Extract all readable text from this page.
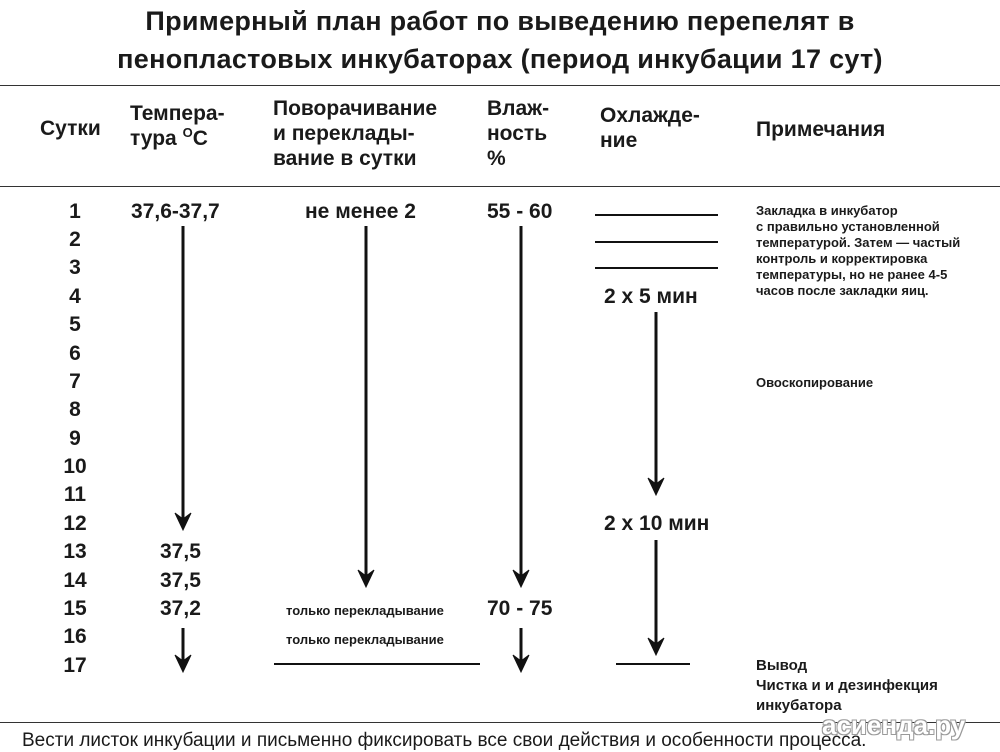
Примерный план работ по выведению перепелят в
пенопластовых инкубаторах (период инкубации 17 сут)
Сутки
Темпера-
тура $^O$C
Поворачивание
и переклады-
вание в сутки
Влаж-
ность
%
Охлажде-
ние	Примечания
1
2
3
4
5
6
7
8
9
10
11
12
13
14
15
16
17
37,6-37,7
37,5
37,5
37,2
не менее 2
только перекладывание
только перекладывание
55 - 60
70 - 75
2 х 5 мин
2 х 10 мин
Закладка в инкубатор
с правильно установленной
температурой. Затем — частый
контроль и корректировка
температуры, но не ранее 4-5
часов после закладки яиц.
Овоскопирование
Вывод
Чистка и и дезинфекция
инкубатора
Вести листок инкубации и письменно фиксировать все свои действия и особенности процесса.
асиенда.ру
